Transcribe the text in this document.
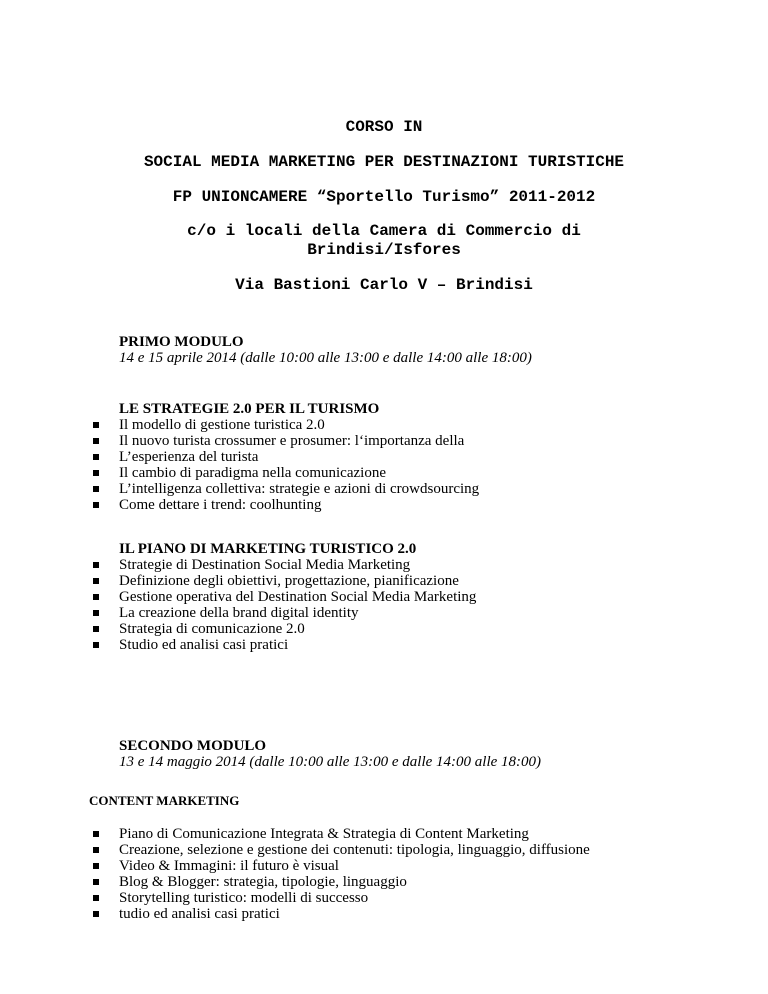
CORSO IN
SOCIAL MEDIA MARKETING PER DESTINAZIONI TURISTICHE
FP UNIONCAMERE “Sportello Turismo” 2011-2012
c/o i locali della Camera di Commercio di
Brindisi/Isfores
Via Bastioni Carlo V – Brindisi
PRIMO MODULO
14 e 15 aprile 2014 (dalle 10:00 alle 13:00 e dalle 14:00 alle 18:00)
LE STRATEGIE 2.0 PER IL TURISMO
Il modello di gestione turistica 2.0
Il nuovo turista crossumer e prosumer: l‘importanza della
L’esperienza del turista
Il cambio di paradigma nella comunicazione
L’intelligenza collettiva: strategie e azioni di crowdsourcing
Come dettare i trend: coolhunting
IL PIANO DI MARKETING TURISTICO 2.0
Strategie di Destination Social Media Marketing
Definizione degli obiettivi, progettazione, pianificazione
Gestione operativa del Destination Social Media Marketing
La creazione della brand digital identity
Strategia di comunicazione 2.0
Studio ed analisi casi pratici
SECONDO MODULO
13 e 14 maggio 2014 (dalle 10:00 alle 13:00 e dalle 14:00 alle 18:00)
CONTENT MARKETING
Piano di Comunicazione Integrata & Strategia di Content Marketing
Creazione, selezione e gestione dei contenuti: tipologia, linguaggio, diffusione
Video & Immagini: il futuro è visual
Blog & Blogger: strategia, tipologie, linguaggio
Storytelling turistico: modelli di successo
tudio ed analisi casi pratici
